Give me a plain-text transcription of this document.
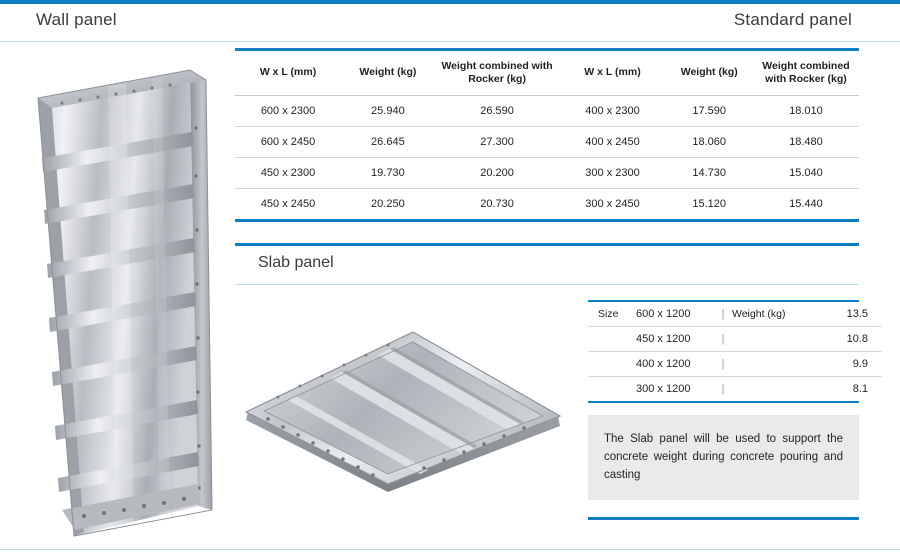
Wall panel	Standard panel
W x L (mm)	Weight (kg)	Weight combined with Rocker (kg)	W x L (mm)	Weight (kg)	Weight combined with Rocker (kg)
600 x 2300	25.940	26.590	400 x 2300	17.590	18.010
600 x 2450	26.645	27.300	400 x 2450	18.060	18.480
450 x 2300	19.730	20.200	300 x 2300	14.730	15.040
450 x 2450	20.250	20.730	300 x 2450	15.120	15.440
Slab panel
Size	600 x 1200	|	Weight (kg)	13.5
	450 x 1200	|		10.8
	400 x 1200	|		9.9
	300 x 1200	|		8.1

The Slab panel will be used to support the concrete weight during concrete pouring and casting
